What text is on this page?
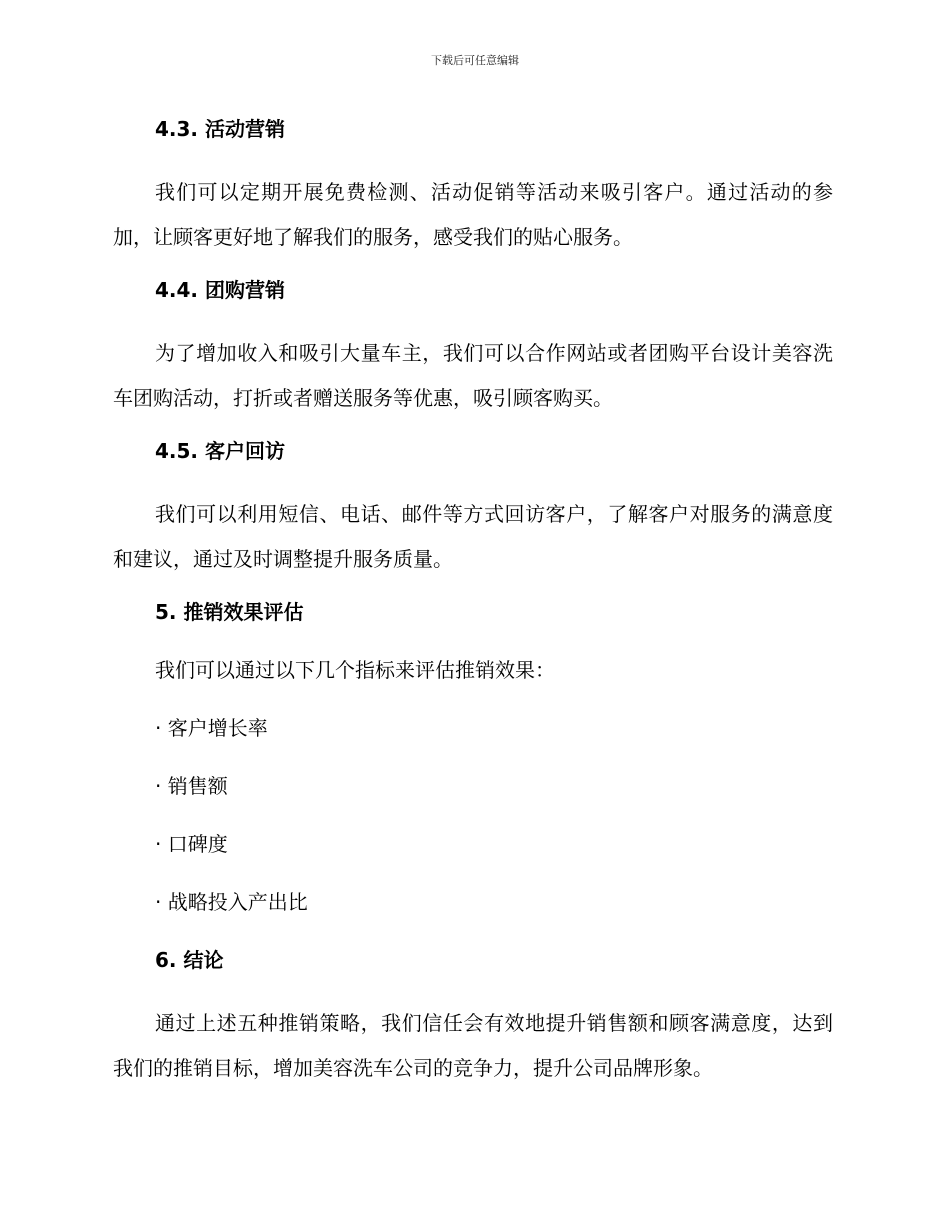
下载后可任意编辑
4.3. 活动营销

我们可以定期开展免费检测、活动促销等活动来吸引客户。通过活动的参加，让顾客更好地了解我们的服务，感受我们的贴心服务。

4.4. 团购营销

为了增加收入和吸引大量车主，我们可以合作网站或者团购平台设计美容洗车团购活动，打折或者赠送服务等优惠，吸引顾客购买。

4.5. 客户回访

我们可以利用短信、电话、邮件等方式回访客户，了解客户对服务的满意度和建议，通过及时调整提升服务质量。

5. 推销效果评估
我们可以通过以下几个指标来评估推销效果：
· 客户增长率
· 销售额
· 口碑度
· 战略投入产出比
6. 结论

通过上述五种推销策略，我们信任会有效地提升销售额和顾客满意度，达到我们的推销目标，增加美容洗车公司的竞争力，提升公司品牌形象。
